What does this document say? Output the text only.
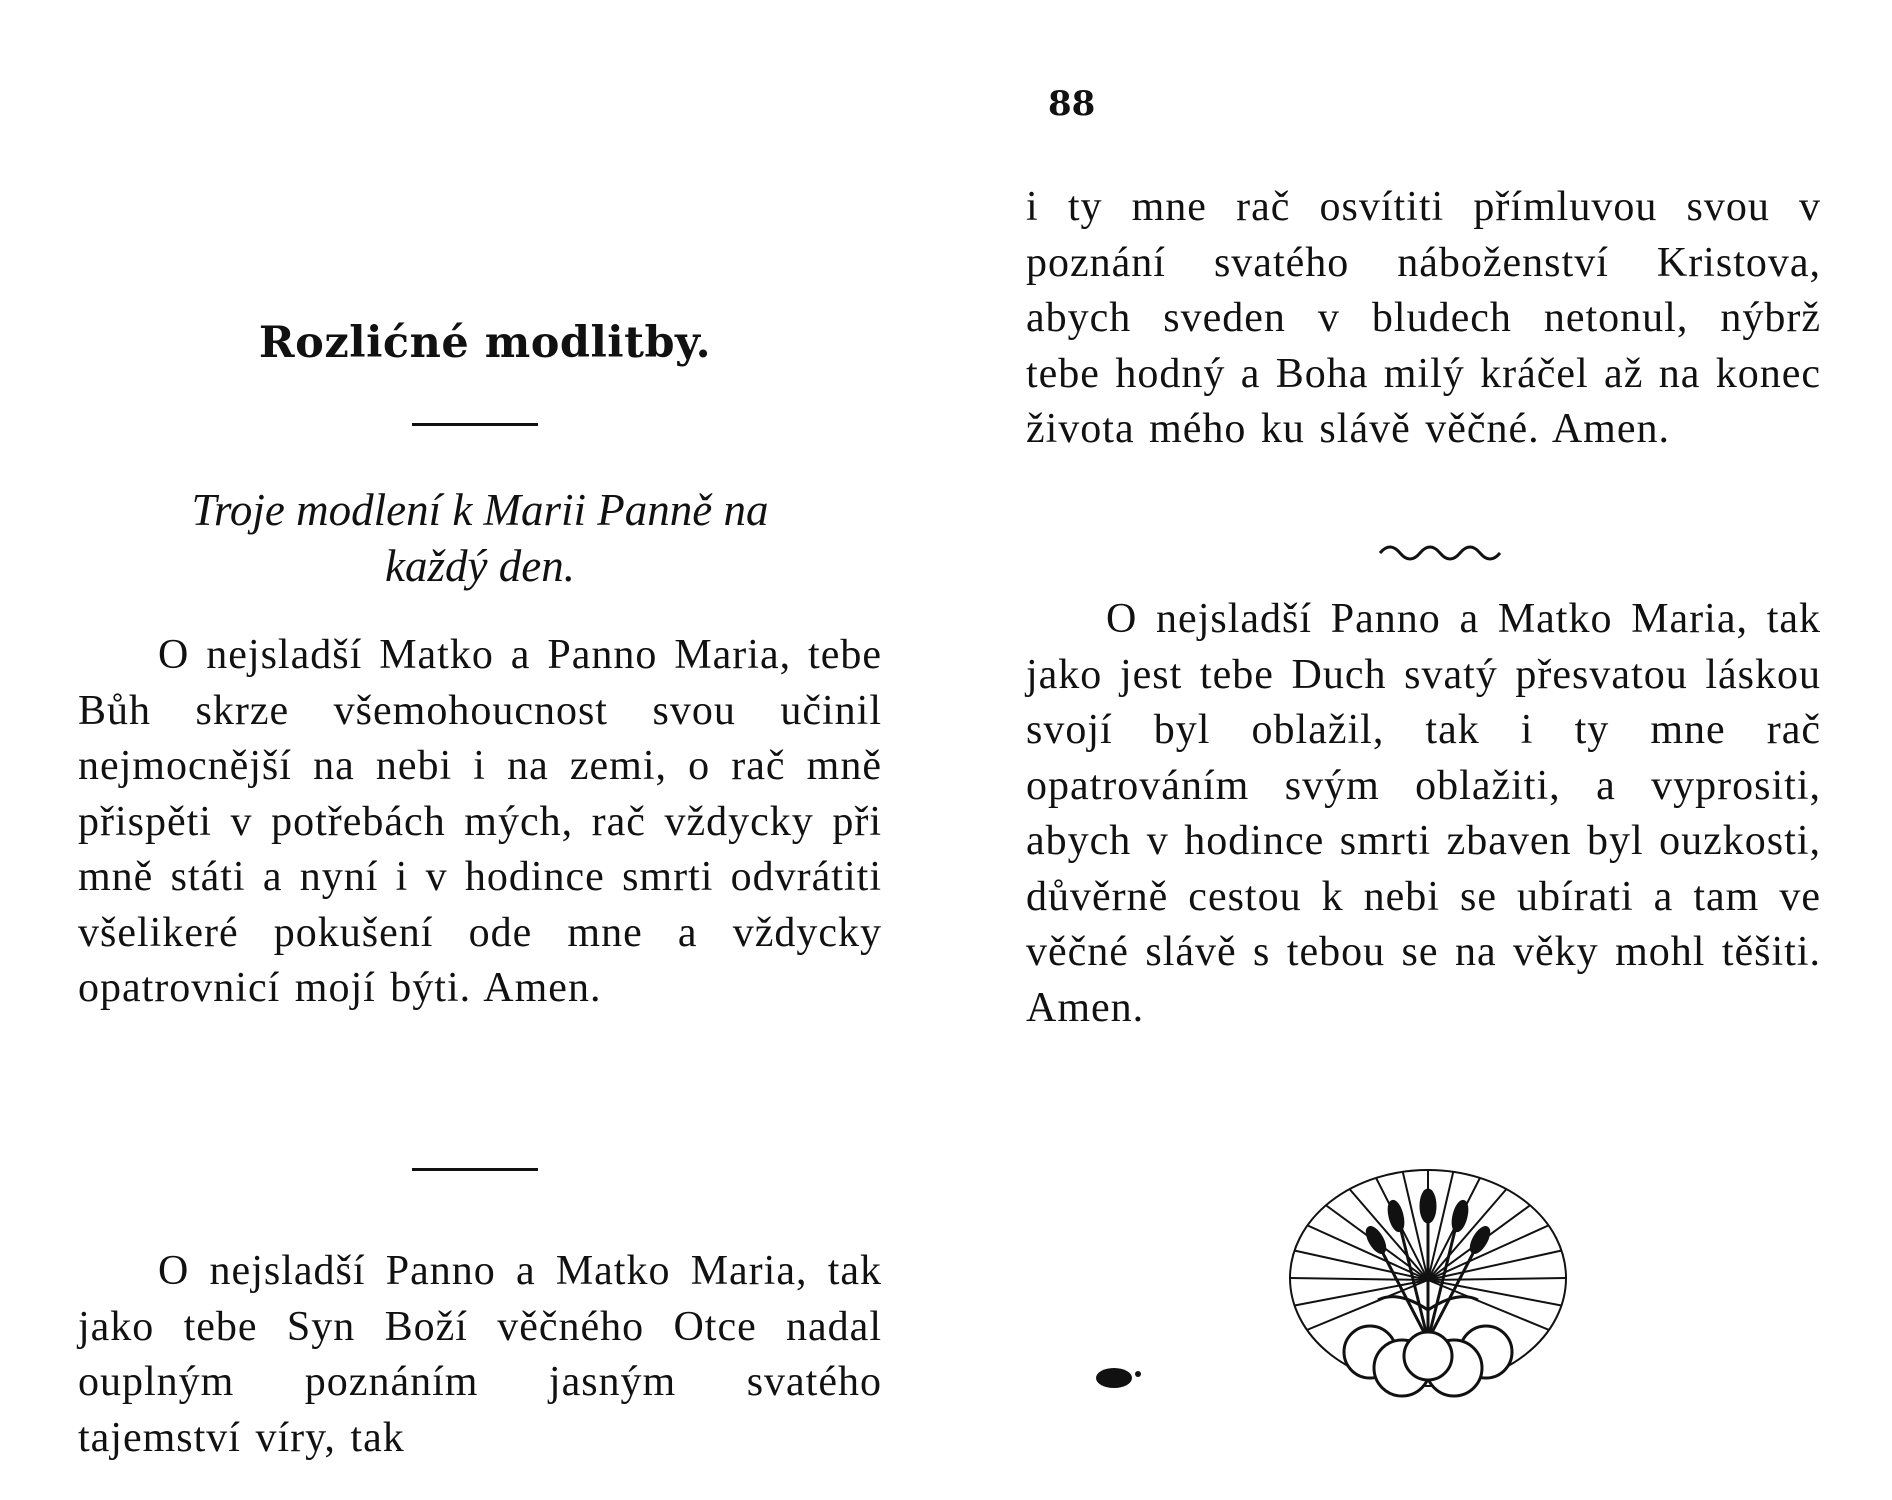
Rozlićné modlitby.

Troje modlení k Marii Panně na
každý den.

O nejsladší Matko a Panno Maria, tebe Bůh skrze všemohoucnost svou učinil nejmocnější na nebi i na zemi, o rač mně přispěti v potřebách mých, rač vždycky při mně státi a nyní i v hodince smrti odvrátiti všelikeré pokušení ode mne a vždycky opatrovnicí mojí býti. Amen.

O nejsladší Panno a Matko Maria, tak jako tebe Syn Boží věčného Otce nadal ouplným poznáním jasným svatého tajemství víry, tak

88

i ty mne rač osvítiti přímluvou svou v poznání svatého náboženství Kristova, abych sveden v bludech netonul, nýbrž tebe hodný a Boha milý kráčel až na konec života mého ku slávě věčné. Amen.

O nejsladší Panno a Matko Maria, tak jako jest tebe Duch svatý přesvatou láskou svojí byl oblažil, tak i ty mne rač opatrováním svým oblažiti, a vyprositi, abych v hodince smrti zbaven byl ouzkosti, důvěrně cestou k nebi se ubírati a tam ve věčné slávě s tebou se na věky mohl těšiti. Amen.
